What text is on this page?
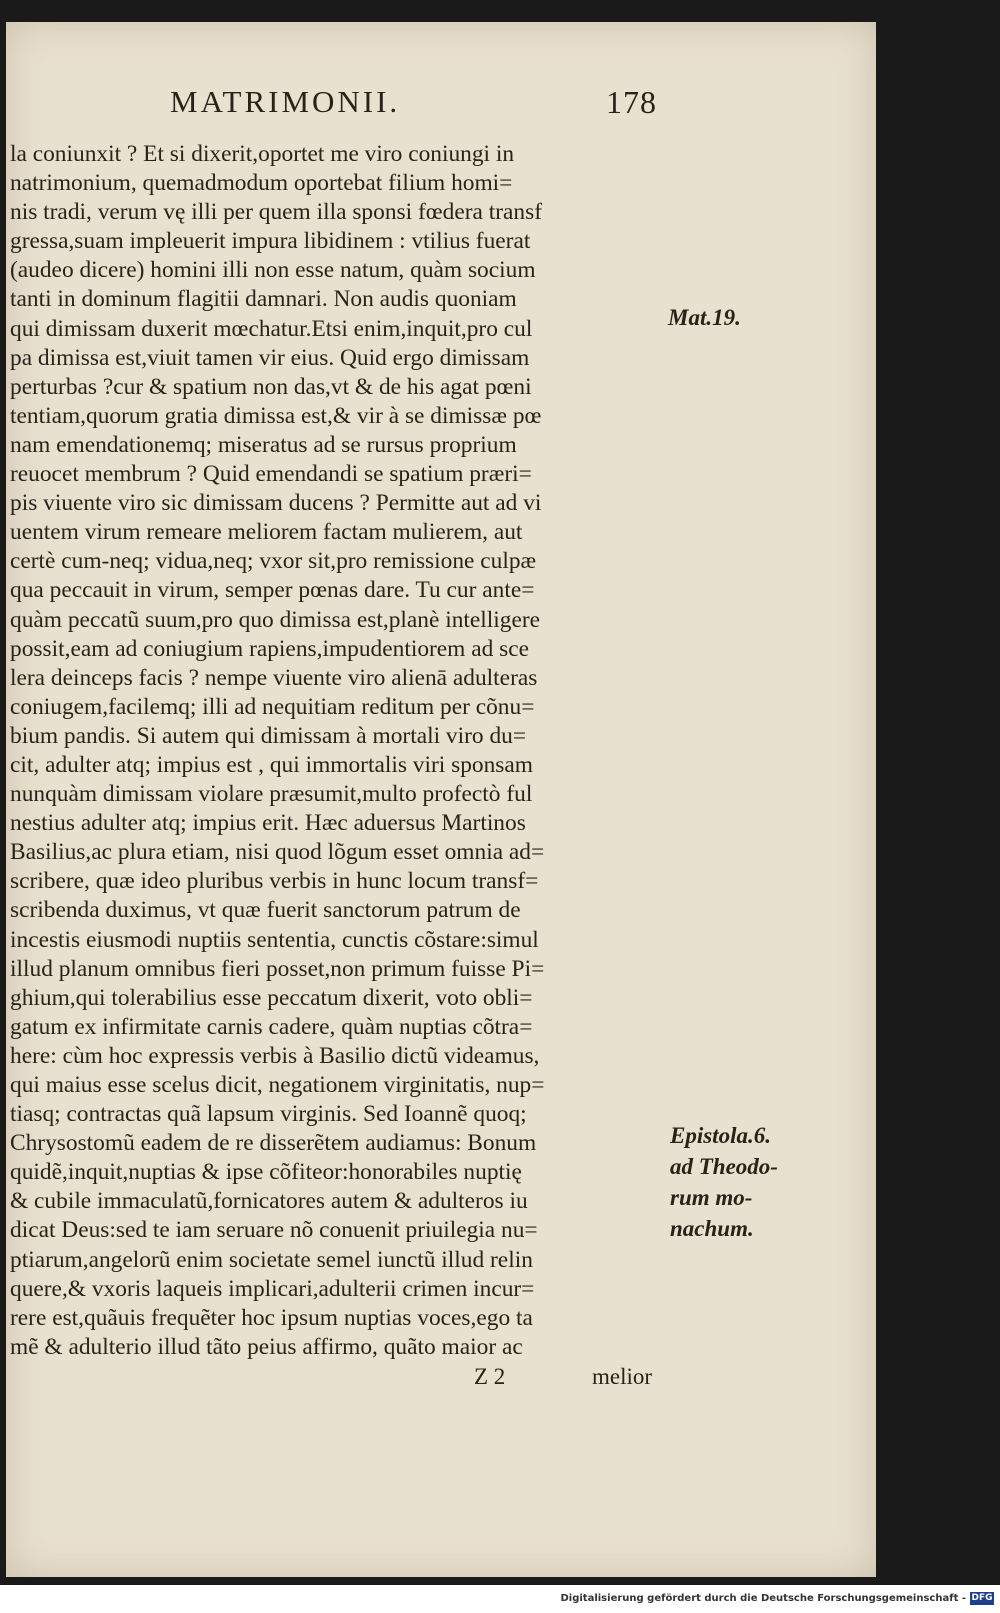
MATRIMONII.	178
la coniunxit ? Et si dixerit,oportet me viro coniungi in
natrimonium, quemadmodum oportebat filium homi=
nis tradi, verum vę illi per quem illa sponsi fœdera transf
gressa,suam impleuerit impura libidinem : vtilius fuerat
(audeo dicere) homini illi non esse natum, quàm socium
tanti in dominum flagitii damnari. Non audis quoniam
qui dimissam duxerit mœchatur.Etsi enim,inquit,pro cul
pa dimissa est,viuit tamen vir eius. Quid ergo dimissam
perturbas ?cur & spatium non das,vt & de his agat pœni
tentiam,quorum gratia dimissa est,& vir à se dimissæ pœ
nam emendationemq; miseratus ad se rursus proprium
reuocet membrum ? Quid emendandi se spatium præri=
pis viuente viro sic dimissam ducens ? Permitte aut ad vi
uentem virum remeare meliorem factam mulierem, aut
certè cum-neq; vidua,neq; vxor sit,pro remissione culpæ
qua peccauit in virum, semper pœnas dare. Tu cur ante=
quàm peccatũ suum,pro quo dimissa est,planè intelligere
possit,eam ad coniugium rapiens,impudentiorem ad sce
lera deinceps facis ? nempe viuente viro alienā adulteras
coniugem,facilemq; illi ad nequitiam reditum per cõnu=
bium pandis. Si autem qui dimissam à mortali viro du=
cit, adulter atq; impius est , qui immortalis viri sponsam
nunquàm dimissam violare præsumit,multo profectò ful
nestius adulter atq; impius erit. Hæc aduersus Martinos
Basilius,ac plura etiam, nisi quod lõgum esset omnia ad=
scribere, quæ ideo pluribus verbis in hunc locum transf=
scribenda duximus, vt quæ fuerit sanctorum patrum de
incestis eiusmodi nuptiis sententia, cunctis cõstare:simul
illud planum omnibus fieri posset,non primum fuisse Pi=
ghium,qui tolerabilius esse peccatum dixerit, voto obli=
gatum ex infirmitate carnis cadere, quàm nuptias cõtra=
here: cùm hoc expressis verbis à Basilio dictũ videamus,
qui maius esse scelus dicit, negationem virginitatis, nup=
tiasq; contractas quã lapsum virginis. Sed Ioannẽ quoq;
Chrysostomũ eadem de re disserẽtem audiamus: Bonum
quidẽ,inquit,nuptias & ipse cõfiteor:honorabiles nuptię
& cubile immaculatũ,fornicatores autem & adulteros iu
dicat Deus:sed te iam seruare nõ conuenit priuilegia nu=
ptiarum,angelorũ enim societate semel iunctũ illud relin
quere,& vxoris laqueis implicari,adulterii crimen incur=
rere est,quãuis frequẽter hoc ipsum nuptias voces,ego ta
mẽ & adulterio illud tãto peius affirmo, quãto maior ac
Mat.19.
Epistola.6.
ad Theodo-
rum mo-
nachum.
Z 2	melior
Digitalisierung gefördert durch die Deutsche Forschungsgemeinschaft - DFG
